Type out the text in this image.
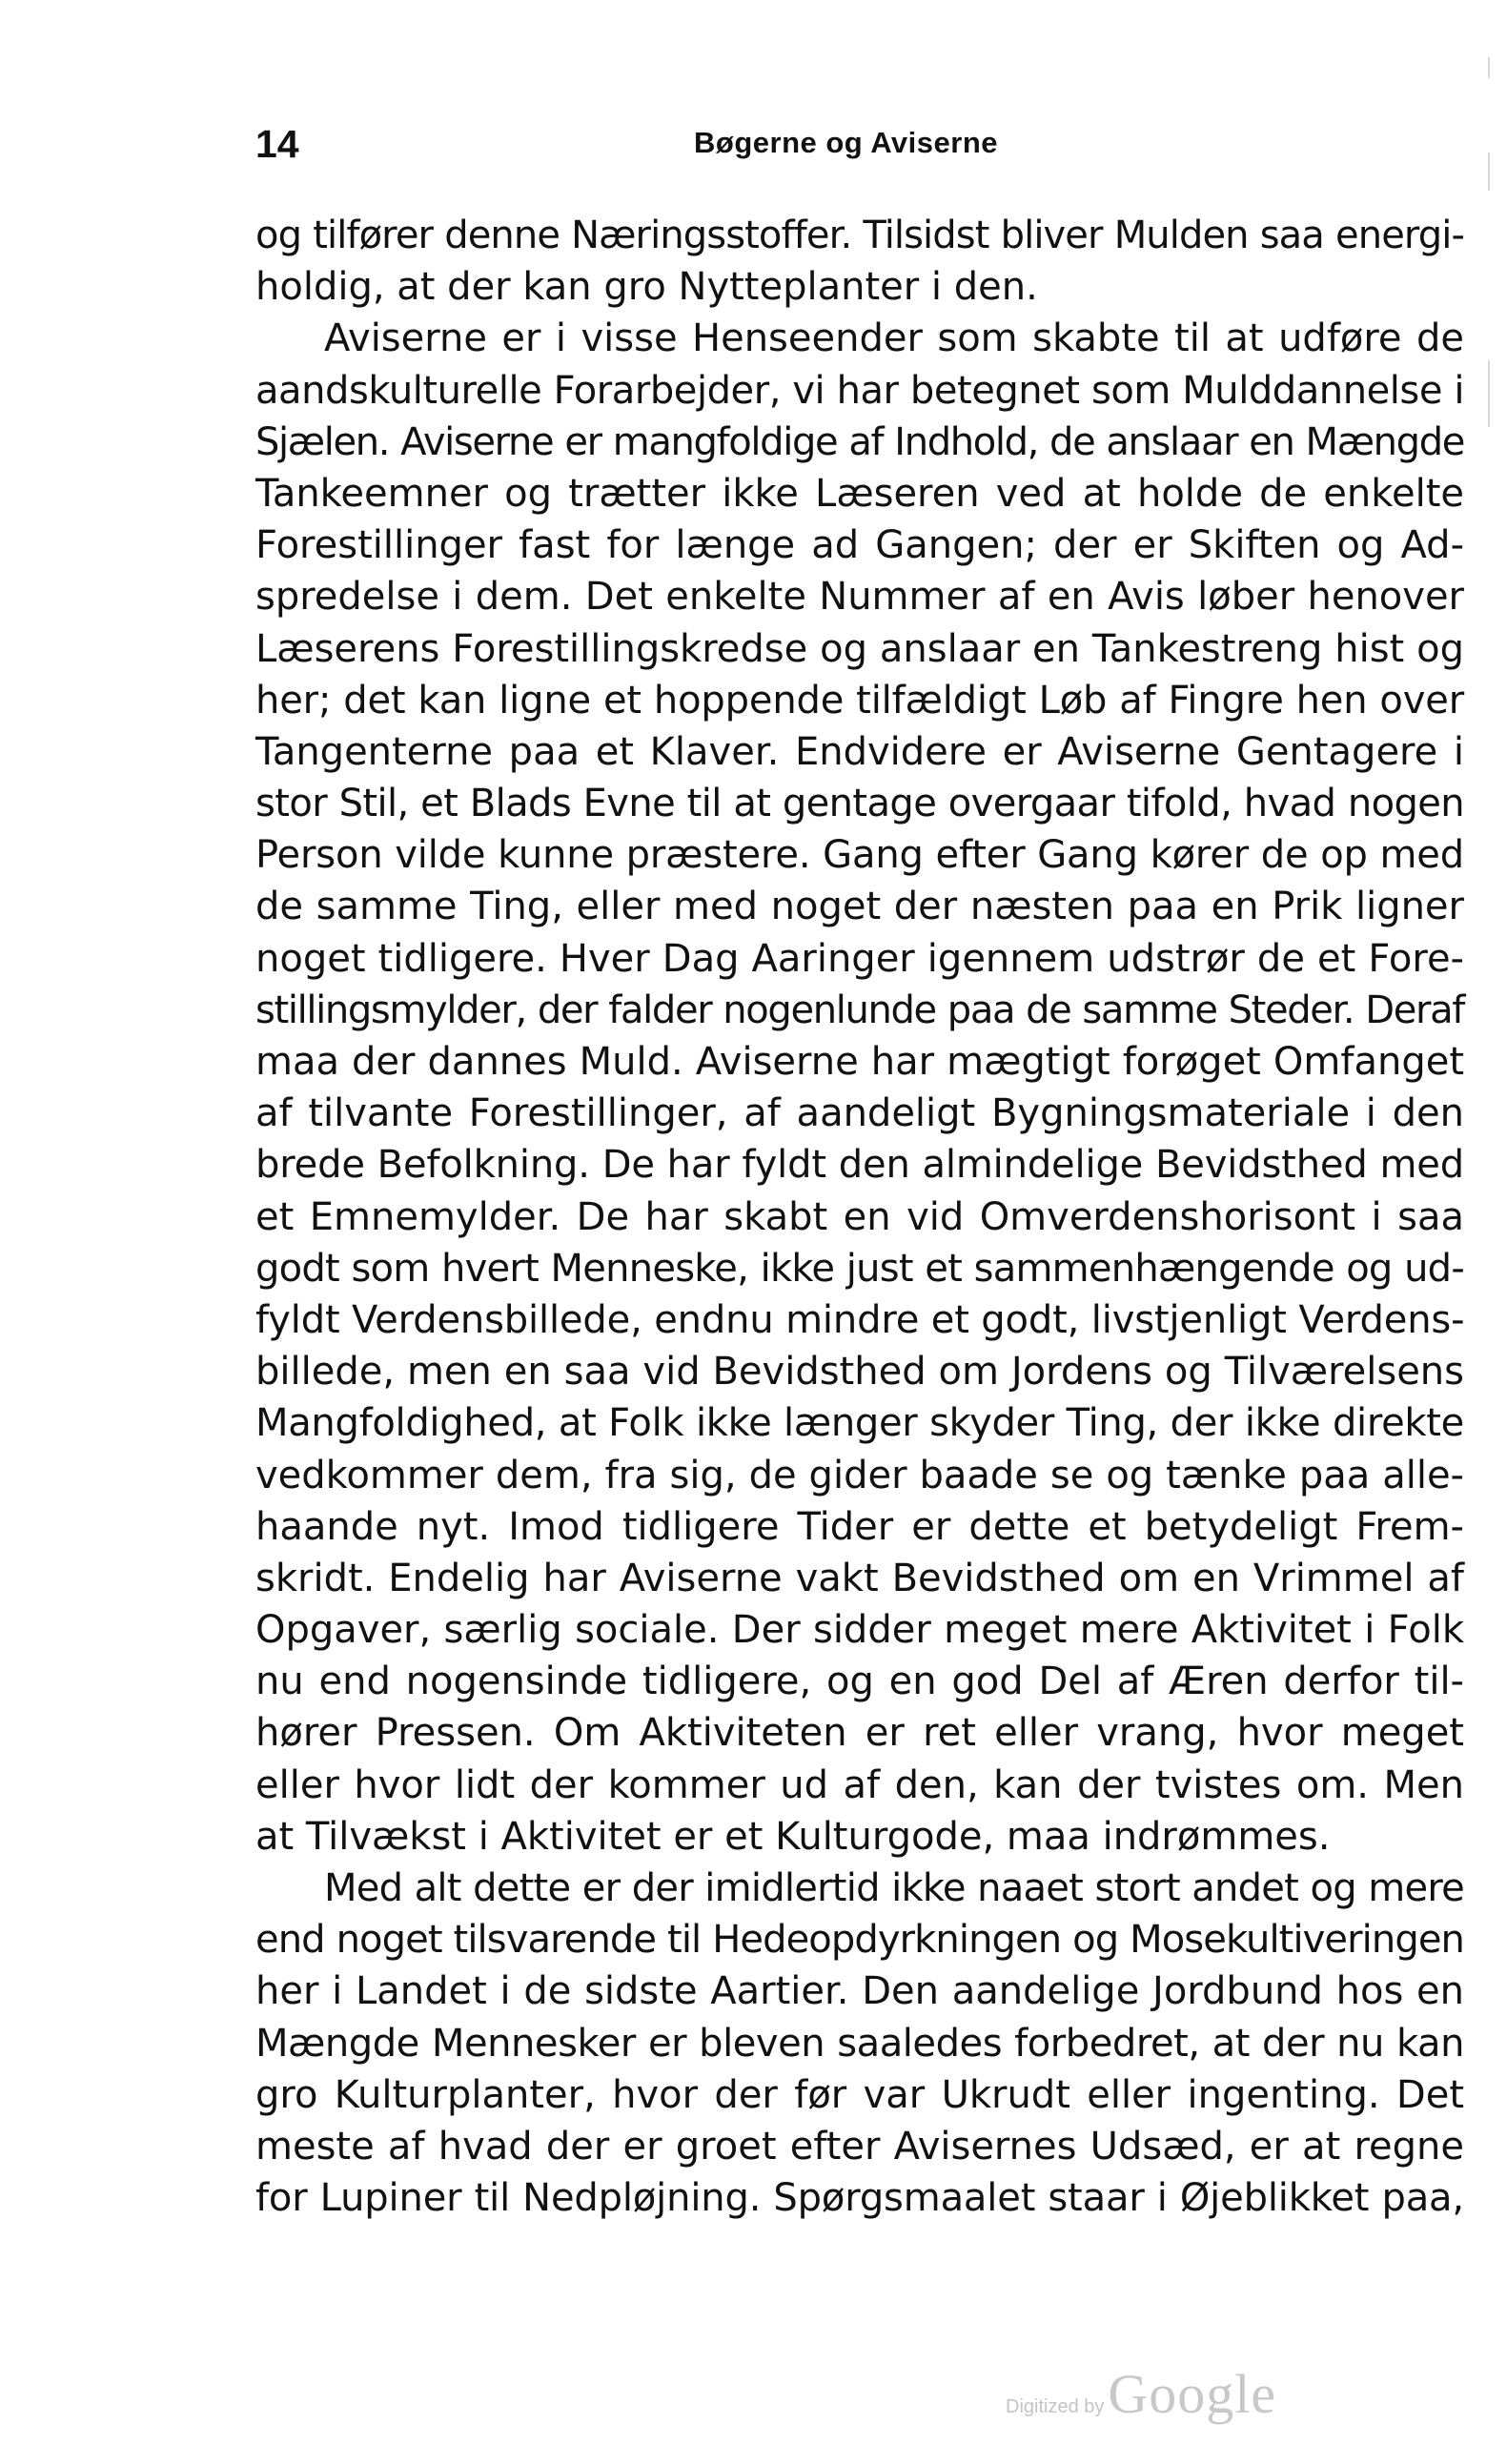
14	Bøgerne og Aviserne
og tilfører denne Næringsstoffer. Tilsidst bliver Mulden saa energi-
holdig, at der kan gro Nytteplanter i den.
Aviserne er i visse Henseender som skabte til at udføre de
aandskulturelle Forarbejder, vi har betegnet som Mulddannelse i
Sjælen. Aviserne er mangfoldige af Indhold, de anslaar en Mængde
Tankeemner og trætter ikke Læseren ved at holde de enkelte
Forestillinger fast for længe ad Gangen; der er Skiften og Ad-
spredelse i dem. Det enkelte Nummer af en Avis løber henover
Læserens Forestillingskredse og anslaar en Tankestreng hist og
her; det kan ligne et hoppende tilfældigt Løb af Fingre hen over
Tangenterne paa et Klaver. Endvidere er Aviserne Gentagere i
stor Stil, et Blads Evne til at gentage overgaar tifold, hvad nogen
Person vilde kunne præstere. Gang efter Gang kører de op med
de samme Ting, eller med noget der næsten paa en Prik ligner
noget tidligere. Hver Dag Aaringer igennem udstrør de et Fore-
stillingsmylder, der falder nogenlunde paa de samme Steder. Deraf
maa der dannes Muld. Aviserne har mægtigt forøget Omfanget
af tilvante Forestillinger, af aandeligt Bygningsmateriale i den
brede Befolkning. De har fyldt den almindelige Bevidsthed med
et Emnemylder. De har skabt en vid Omverdenshorisont i saa
godt som hvert Menneske, ikke just et sammenhængende og ud-
fyldt Verdensbillede, endnu mindre et godt, livstjenligt Verdens-
billede, men en saa vid Bevidsthed om Jordens og Tilværelsens
Mangfoldighed, at Folk ikke længer skyder Ting, der ikke direkte
vedkommer dem, fra sig, de gider baade se og tænke paa alle-
haande nyt. Imod tidligere Tider er dette et betydeligt Frem-
skridt. Endelig har Aviserne vakt Bevidsthed om en Vrimmel af
Opgaver, særlig sociale. Der sidder meget mere Aktivitet i Folk
nu end nogensinde tidligere, og en god Del af Æren derfor til-
hører Pressen. Om Aktiviteten er ret eller vrang, hvor meget
eller hvor lidt der kommer ud af den, kan der tvistes om. Men
at Tilvækst i Aktivitet er et Kulturgode, maa indrømmes.
Med alt dette er der imidlertid ikke naaet stort andet og mere
end noget tilsvarende til Hedeopdyrkningen og Mosekultiveringen
her i Landet i de sidste Aartier. Den aandelige Jordbund hos en
Mængde Mennesker er bleven saaledes forbedret, at der nu kan
gro Kulturplanter, hvor der før var Ukrudt eller ingenting. Det
meste af hvad der er groet efter Avisernes Udsæd, er at regne
for Lupiner til Nedpløjning. Spørgsmaalet staar i Øjeblikket paa,
Digitized by Google
